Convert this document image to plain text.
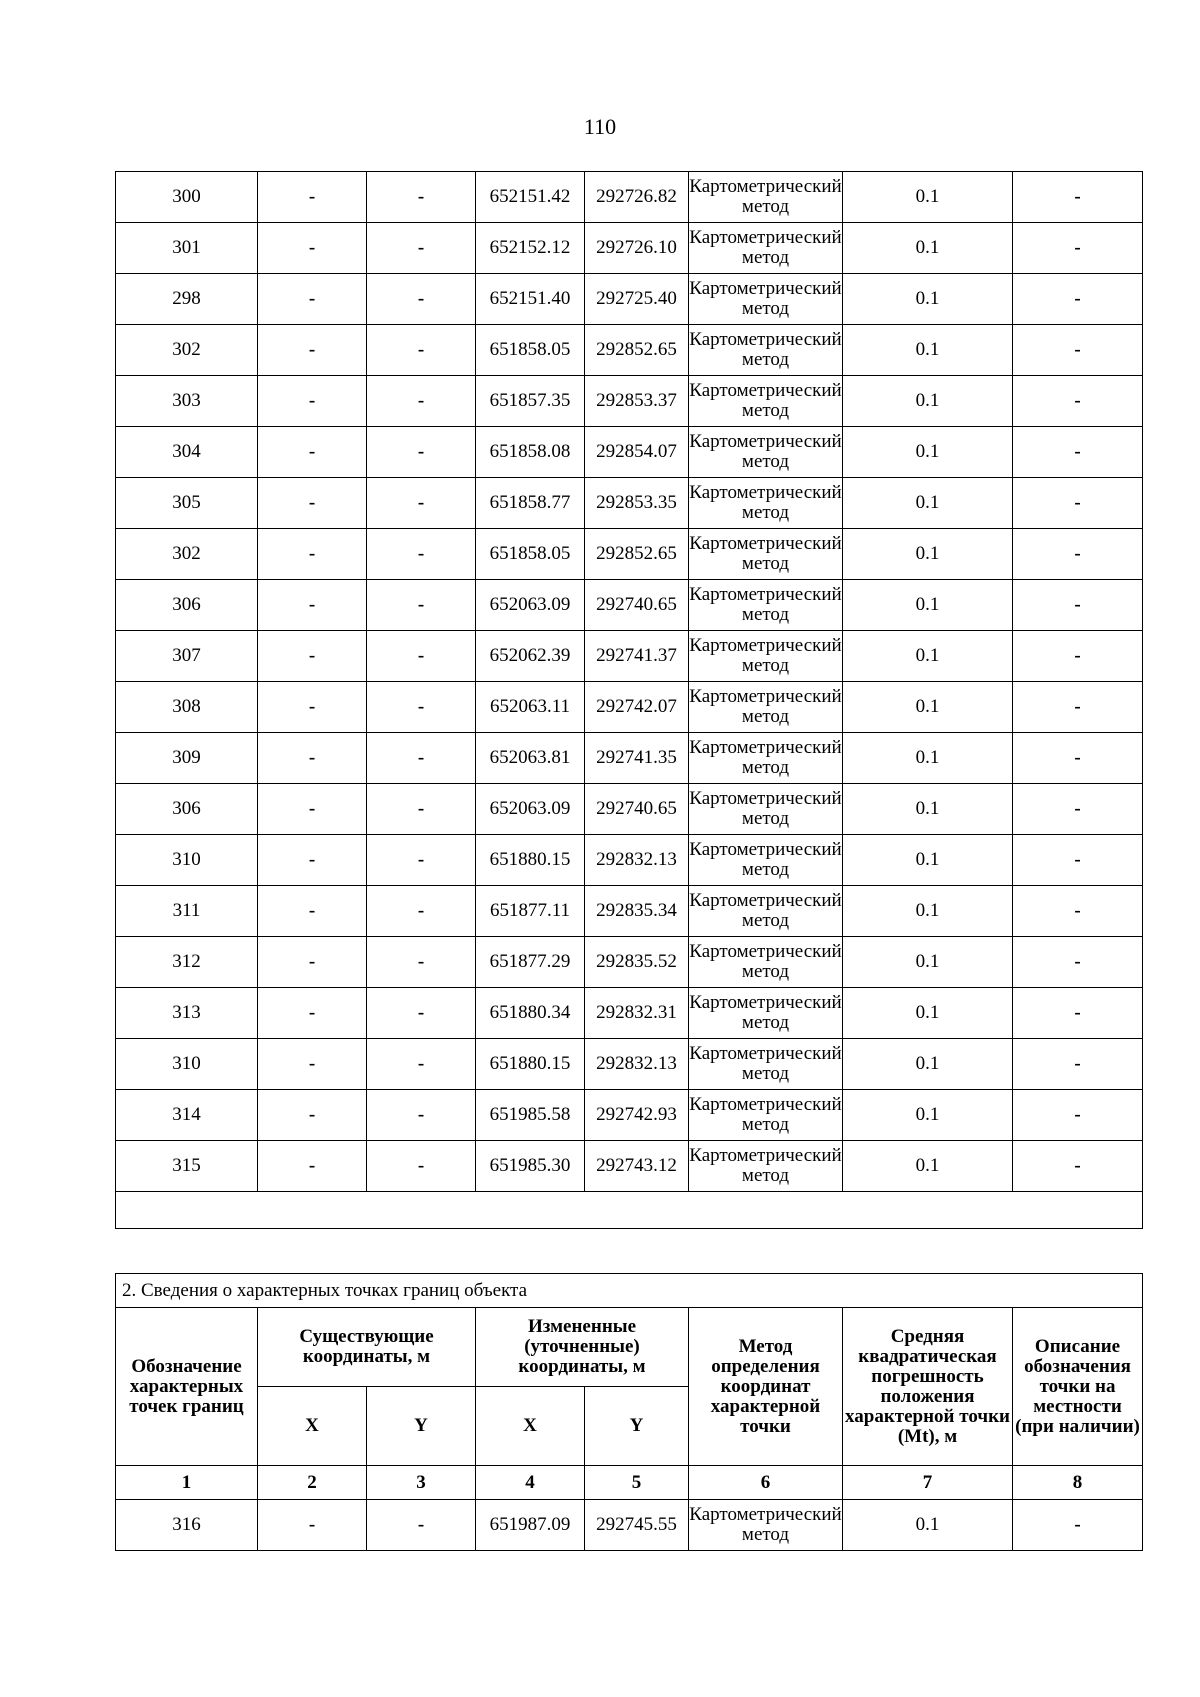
110
300	-	-	652151.42	292726.82	Картометрический метод	0.1	-
301	-	-	652152.12	292726.10	Картометрический метод	0.1	-
298	-	-	652151.40	292725.40	Картометрический метод	0.1	-
302	-	-	651858.05	292852.65	Картометрический метод	0.1	-
303	-	-	651857.35	292853.37	Картометрический метод	0.1	-
304	-	-	651858.08	292854.07	Картометрический метод	0.1	-
305	-	-	651858.77	292853.35	Картометрический метод	0.1	-
302	-	-	651858.05	292852.65	Картометрический метод	0.1	-
306	-	-	652063.09	292740.65	Картометрический метод	0.1	-
307	-	-	652062.39	292741.37	Картометрический метод	0.1	-
308	-	-	652063.11	292742.07	Картометрический метод	0.1	-
309	-	-	652063.81	292741.35	Картометрический метод	0.1	-
306	-	-	652063.09	292740.65	Картометрический метод	0.1	-
310	-	-	651880.15	292832.13	Картометрический метод	0.1	-
311	-	-	651877.11	292835.34	Картометрический метод	0.1	-
312	-	-	651877.29	292835.52	Картометрический метод	0.1	-
313	-	-	651880.34	292832.31	Картометрический метод	0.1	-
310	-	-	651880.15	292832.13	Картометрический метод	0.1	-
314	-	-	651985.58	292742.93	Картометрический метод	0.1	-
315	-	-	651985.30	292743.12	Картометрический метод	0.1	-

2. Сведения о характерных точках границ объекта							
Обозначение характерных точек границ	Существующие координаты, м		Измененные (уточненные) координаты, м		Метод определения координат характерной точки	Средняя квадратическая погрешность положения характерной точки (Mt), м	Описание обозначения точки на местности (при наличии)
	X	Y	X	Y			
1	2	3	4	5	6	7	8
316	-	-	651987.09	292745.55	Картометрический метод	0.1	-
